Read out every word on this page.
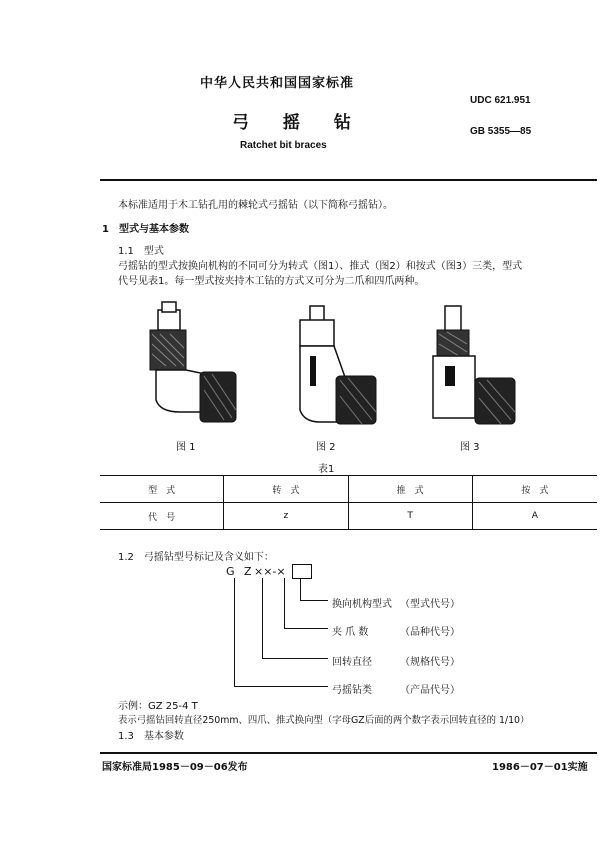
中华人民共和国国家标准
弓 摇 钻
Ratchet bit braces
UDC 621.951
GB 5355—85
本标准适用于木工钻孔用的棘轮式弓摇钻（以下简称弓摇钻）。
1　型式与基本参数
1.1　型式
弓摇钻的型式按换向机构的不同可分为转式（图1）、推式（图2）和按式（图3）三类，型式
代号见表1。每一型式按夹持木工钻的方式又可分为二爪和四爪两种。
图 1	图 2	图 3
表1
型　式	转　式	推　式	按　式
代　号	z	T	A
1.2　弓摇钻型号标记及含义如下：
G Z ××-×
换向机构型式 （型式代号）
夹 爪 数	（品种代号）
回转直径	（规格代号）
弓摇钻类	（产品代号）
示例：GZ 25-4 T
表示弓摇钻回转直径250mm、四爪、推式换向型（字母GZ后面的两个数字表示回转直径的 1/10）
1.3　基本参数
国家标准局1985－09－06发布	1986－07－01实施
